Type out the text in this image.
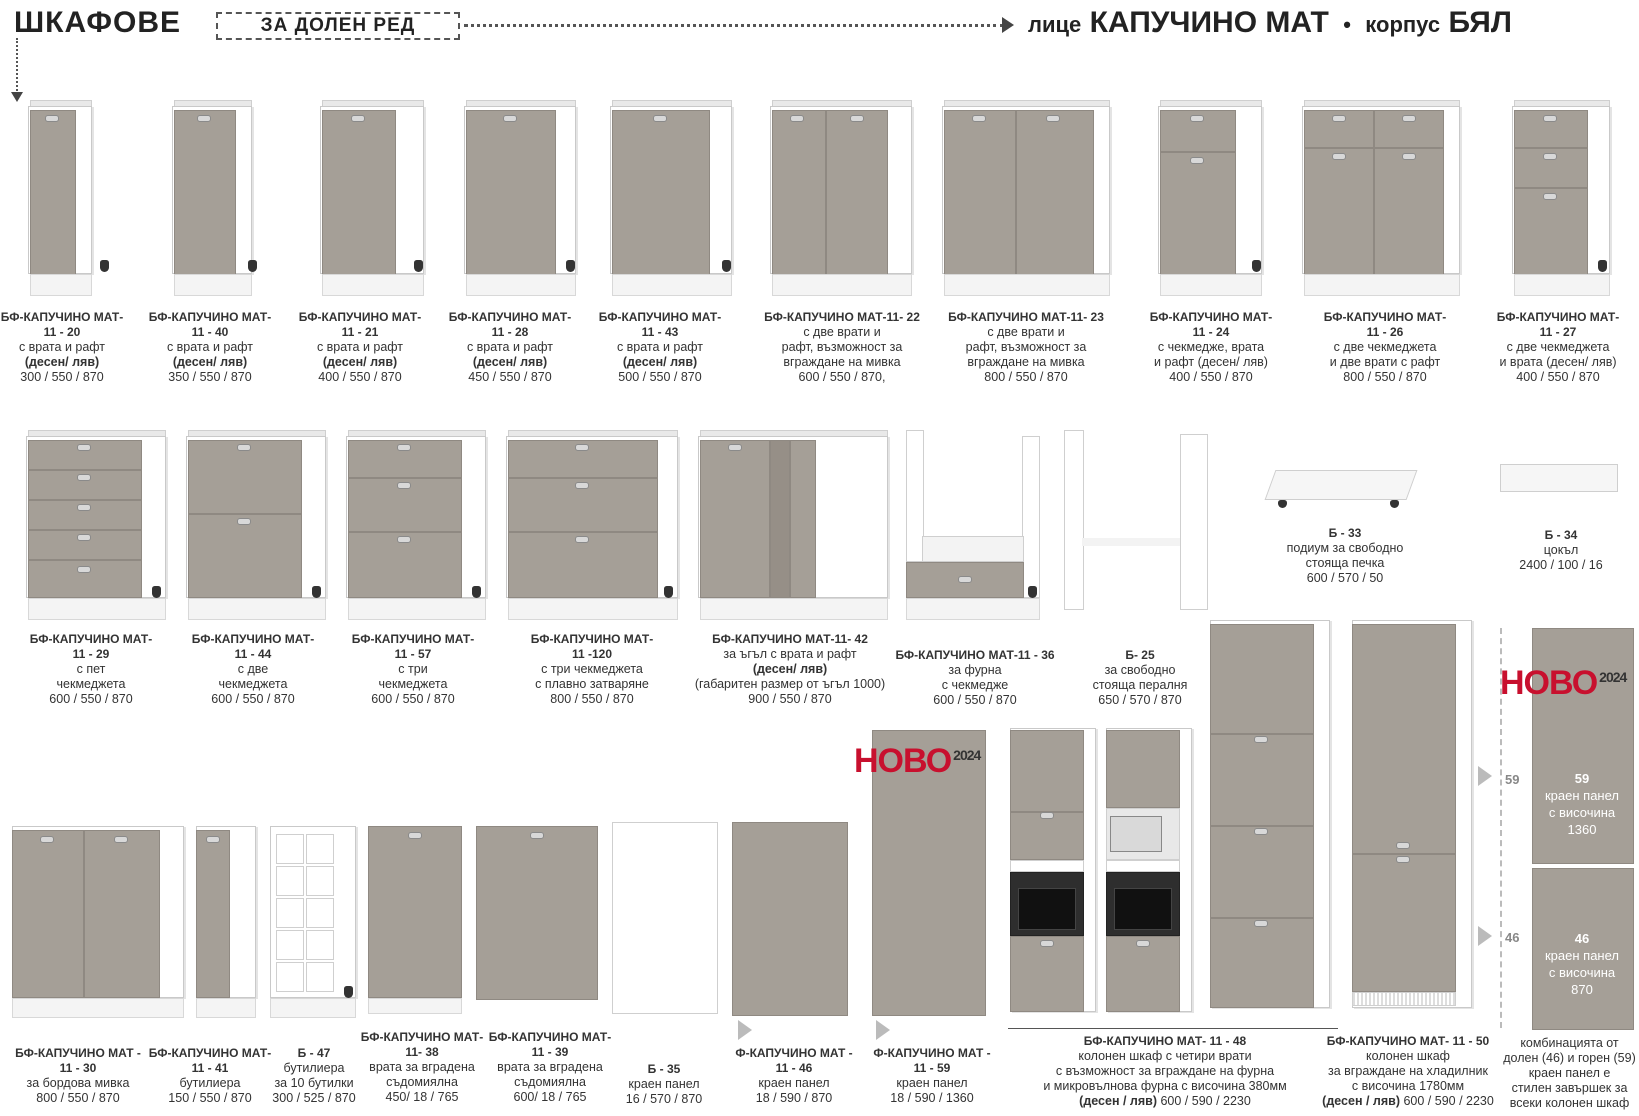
ШКАФОВЕ	ЗА ДОЛЕН РЕД	лице КАПУЧИНО МАТ • корпус БЯЛ
БФ-КАПУЧИНО МАТ-
11 - 20
с врата и рафт
(десен/ ляв)
300 / 550 / 870
БФ-КАПУЧИНО МАТ-
11 - 40
с врата и рафт
(десен/ ляв)
350 / 550 / 870
БФ-КАПУЧИНО МАТ-
11 - 21
с врата и рафт
(десен/ ляв)
400 / 550 / 870
БФ-КАПУЧИНО МАТ-
11 - 28
с врата и рафт
(десен/ ляв)
450 / 550 / 870
БФ-КАПУЧИНО МАТ-
11 - 43
с врата и рафт
(десен/ ляв)
500 / 550 / 870
БФ-КАПУЧИНО МАТ-11- 22
с две врати и
рафт, възможност за
вграждане на мивка
600 / 550 / 870,
БФ-КАПУЧИНО МАТ-11- 23
с две врати и
рафт, възможност за
вграждане на мивка
800 / 550 / 870
БФ-КАПУЧИНО МАТ-
11 - 24
с чекмедже, врата
и рафт (десен/ ляв)
400 / 550 / 870
БФ-КАПУЧИНО МАТ-
11 - 26
с две чекмеджета
и две врати с рафт
800 / 550 / 870
БФ-КАПУЧИНО МАТ-
11 - 27
с две чекмеджета
и врата (десен/ ляв)
400 / 550 / 870
БФ-КАПУЧИНО МАТ-
11 - 29
с пет
чекмеджета
600 / 550 / 870
БФ-КАПУЧИНО МАТ-
11 - 44
с две
чекмеджета
600 / 550 / 870
БФ-КАПУЧИНО МАТ-
11 - 57
с три
чекмеджета
600 / 550 / 870
БФ-КАПУЧИНО МАТ-
11 -120
с три чекмеджета
с плавно затваряне
800 / 550 / 870
БФ-КАПУЧИНО МАТ-11- 42
за ъгъл с врата и рафт
(десен/ ляв)
(габаритен размер от ъгъл 1000)
900 / 550 / 870
БФ-КАПУЧИНО МАТ-11 - 36
за фурна
с чекмедже
600 / 550 / 870
Б- 25
за свободно
стояща пералня
650 / 570 / 870
Б - 33
подиум за свободно
стояща печка
600 / 570 / 50
Б - 34
цокъл
2400 / 100 / 16
НОВО $^{2024}$
59
46
НОВО $^{2024}$
59
краен панел
с височина
1360
46
краен панел
с височина
870
БФ-КАПУЧИНО МАТ -
11 - 30
за бордова мивка
800 / 550 / 870
БФ-КАПУЧИНО МАТ-
11 - 41
бутилиера
150 / 550 / 870
Б - 47
бутилиера
за 10 бутилки
300 / 525 / 870
БФ-КАПУЧИНО МАТ-
11- 38
врата за вградена
съдомиялна
450/ 18 / 765
БФ-КАПУЧИНО МАТ-
11 - 39
врата за вградена
съдомиялна
600/ 18 / 765
Б - 35
краен панел
16 / 570 / 870
Ф-КАПУЧИНО МАТ -
11 - 46
краен панел
18 / 590 / 870
Ф-КАПУЧИНО МАТ -
11 - 59
краен панел
18 / 590 / 1360
БФ-КАПУЧИНО МАТ- 11 - 48
колонен шкаф с четири врати
с възможност за вграждане на фурна
и микровълнова фурна с височина 380мм
(десен / ляв) 600 / 590 / 2230
БФ-КАПУЧИНО МАТ- 11 - 50
колонен шкаф
за вграждане на хладилник
с височина 1780мм
(десен / ляв) 600 / 590 / 2230
комбинацията от
долен (46) и горен (59)
краен панел е
стилен завършек за
всеки колонен шкаф
